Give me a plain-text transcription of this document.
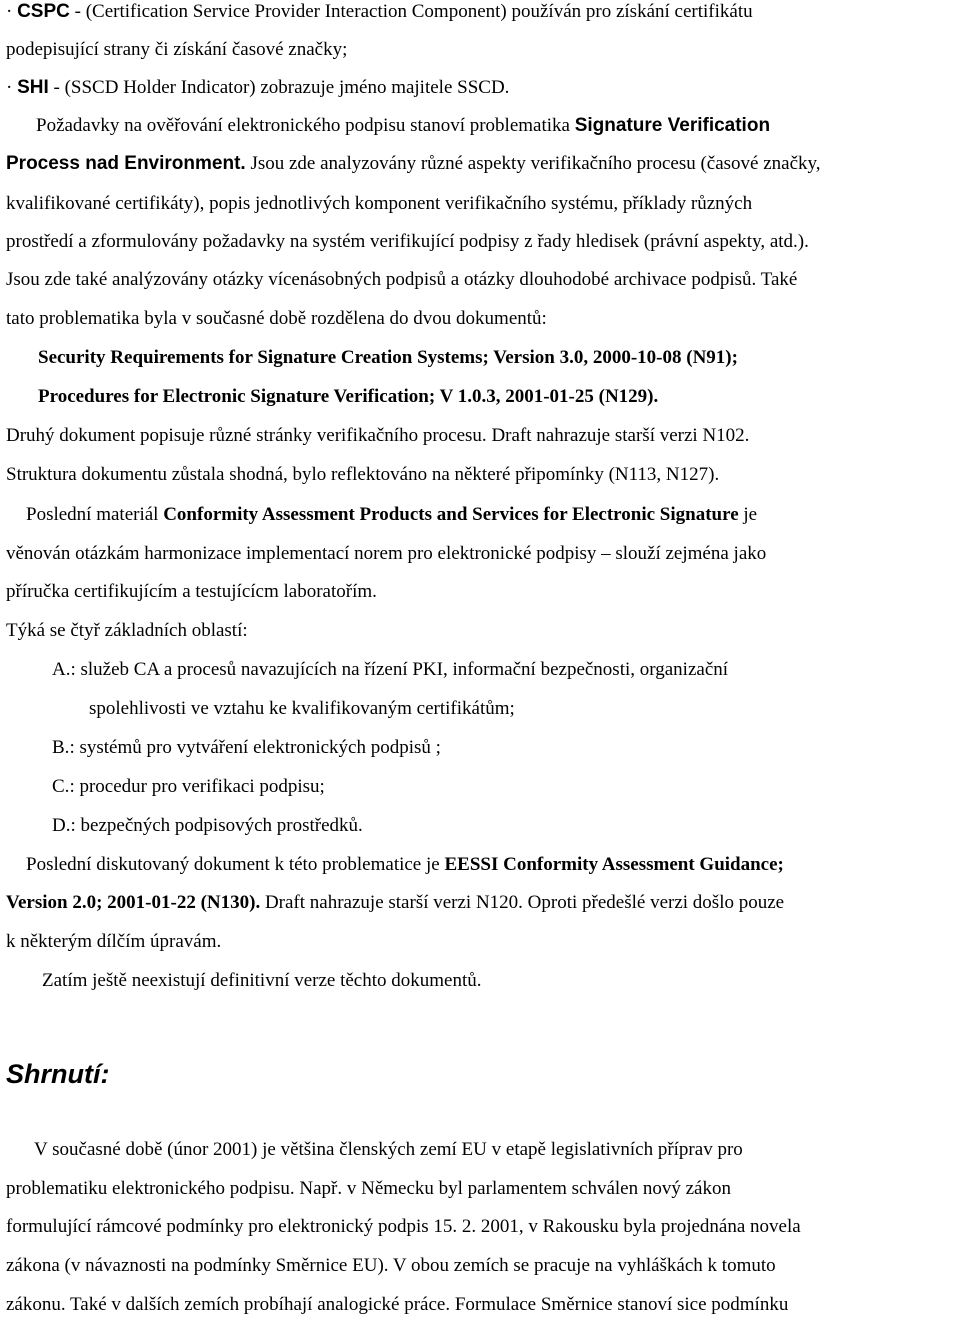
· CSPC - (Certification Service Provider Interaction Component) používán pro získání certifikátu
podepisující strany či získání časové značky;
· SHI - (SSCD Holder Indicator) zobrazuje jméno majitele SSCD.
Požadavky na ověřování elektronického podpisu stanoví problematika Signature Verification
Process nad Environment. Jsou zde analyzovány různé aspekty verifikačního procesu (časové značky,
kvalifikované certifikáty), popis jednotlivých komponent verifikačního systému, příklady různých
prostředí a zformulovány požadavky na systém verifikující podpisy z řady hledisek (právní aspekty, atd.).
Jsou zde také analýzovány otázky vícenásobných podpisů a otázky dlouhodobé archivace podpisů. Také
tato problematika byla v současné době rozdělena do dvou dokumentů:
Security Requirements for Signature Creation Systems; Version 3.0, 2000-10-08 (N91);
Procedures for Electronic Signature Verification; V 1.0.3, 2001-01-25 (N129).
Druhý dokument popisuje různé stránky verifikačního procesu. Draft nahrazuje starší verzi N102.
Struktura dokumentu zůstala shodná, bylo reflektováno na některé připomínky (N113, N127).
Poslední materiál Conformity Assessment Products and Services for Electronic Signature je
věnován otázkám harmonizace implementací norem pro elektronické podpisy – slouží zejména jako
příručka certifikujícím a testujícícm laboratořím.
Týká se čtyř základních oblastí:
A.: služeb CA a procesů navazujících na řízení PKI, informační bezpečnosti, organizační
spolehlivosti ve vztahu ke kvalifikovaným certifikátům;
B.: systémů pro vytváření elektronických podpisů ;
C.: procedur pro verifikaci podpisu;
D.: bezpečných podpisových prostředků.
Poslední diskutovaný dokument k této problematice je EESSI Conformity Assessment Guidance;
Version 2.0; 2001-01-22 (N130). Draft nahrazuje starší verzi N120. Oproti předešlé verzi došlo pouze
k některým dílčím úpravám.
Zatím ještě neexistují definitivní verze těchto dokumentů.
Shrnutí:
V současné době (únor 2001) je většina členských zemí EU v etapě legislativních příprav pro
problematiku elektronického podpisu. Např. v Německu byl parlamentem schválen nový zákon
formulující rámcové podmínky pro elektronický podpis 15. 2. 2001, v Rakousku byla projednána novela
zákona (v návaznosti na podmínky Směrnice EU). V obou zemích se pracuje na vyhláškách k tomuto
zákonu. Také v dalších zemích probíhají analogické práce. Formulace Směrnice stanoví sice podmínku
